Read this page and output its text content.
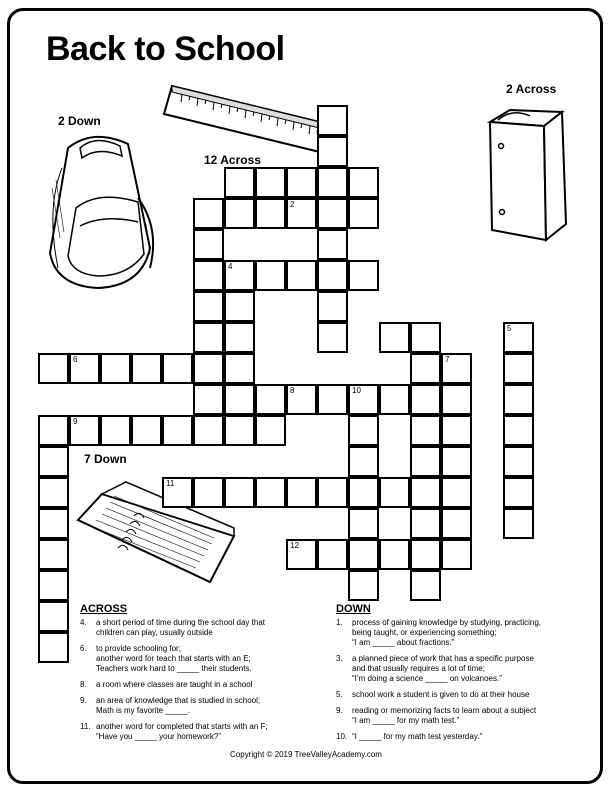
Back to School
2 Down
12 Across
2 Across
7 Down
2
4
6
8	10
5
7
9
11
12
ACROSS
4. a short period of time during the school day that
children can play, usually outside
6. to provide schooling for;
another word for teach that starts with an E;
Teachers work hard to _____ their students.
8. a room where classes are taught in a school
9. an area of knowledge that is studied in school;
Math is my favorite _____.
11. another word for completed that starts with an F;
“Have you _____ your homework?”
DOWN
1. process of gaining knowledge by studying, practicing,
being taught, or experiencing something;
“I am _____ about fractions.”
3. a planned piece of work that has a specific purpose
and that usually requires a lot of time;
“I’m doing a science _____ on volcanoes.”
5. school work a student is given to do at their house
9. reading or memorizing facts to learn about a subject
“I am _____ for my math test.”
10. “I _____ for my math test yesterday.”
Copyright © 2019 TreeValleyAcademy.com
